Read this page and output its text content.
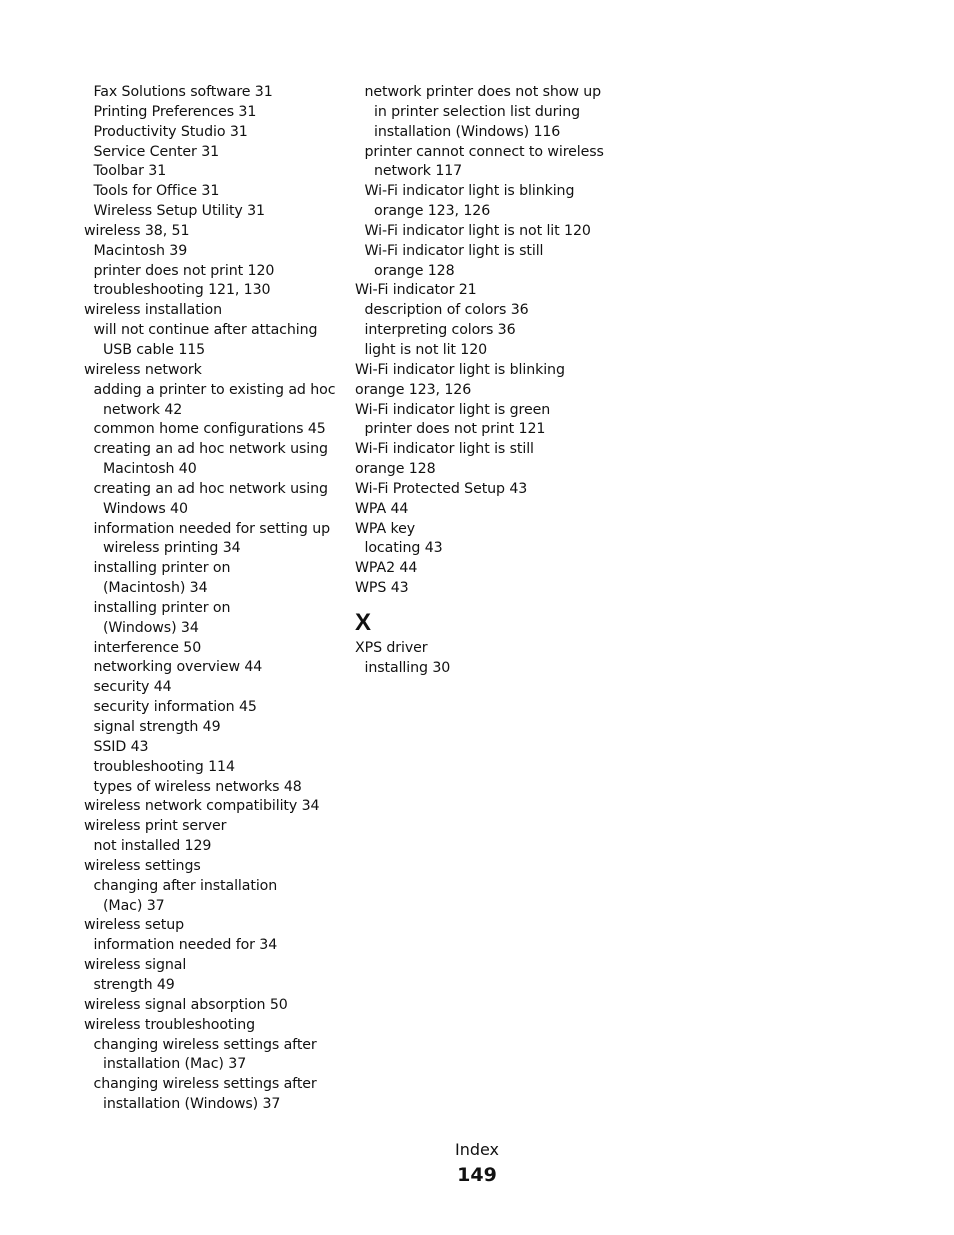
Fax Solutions software 31
Printing Preferences 31
Productivity Studio 31
Service Center 31
Toolbar 31
Tools for Office 31
Wireless Setup Utility 31
wireless 38, 51
Macintosh 39
printer does not print 120
troubleshooting 121, 130
wireless installation
will not continue after attaching
USB cable 115
wireless network
adding a printer to existing ad hoc
network 42
common home configurations 45
creating an ad hoc network using
Macintosh 40
creating an ad hoc network using
Windows 40
information needed for setting up
wireless printing 34
installing printer on
(Macintosh) 34
installing printer on
(Windows) 34
interference 50
networking overview 44
security 44
security information 45
signal strength 49
SSID 43
troubleshooting 114
types of wireless networks 48
wireless network compatibility 34
wireless print server
not installed 129
wireless settings
changing after installation
(Mac) 37
wireless setup
information needed for 34
wireless signal
strength 49
wireless signal absorption 50
wireless troubleshooting
changing wireless settings after
installation (Mac) 37
changing wireless settings after
installation (Windows) 37
network printer does not show up
in printer selection list during
installation (Windows) 116
printer cannot connect to wireless
network 117
Wi-Fi indicator light is blinking
orange 123, 126
Wi-Fi indicator light is not lit 120
Wi-Fi indicator light is still
orange 128
Wi-Fi indicator 21
description of colors 36
interpreting colors 36
light is not lit 120
Wi-Fi indicator light is blinking
orange 123, 126
Wi-Fi indicator light is green
printer does not print 121
Wi-Fi indicator light is still
orange 128
Wi-Fi Protected Setup 43
WPA 44
WPA key
locating 43
WPA2 44
WPS 43
X
XPS driver
installing 30
Index
149
